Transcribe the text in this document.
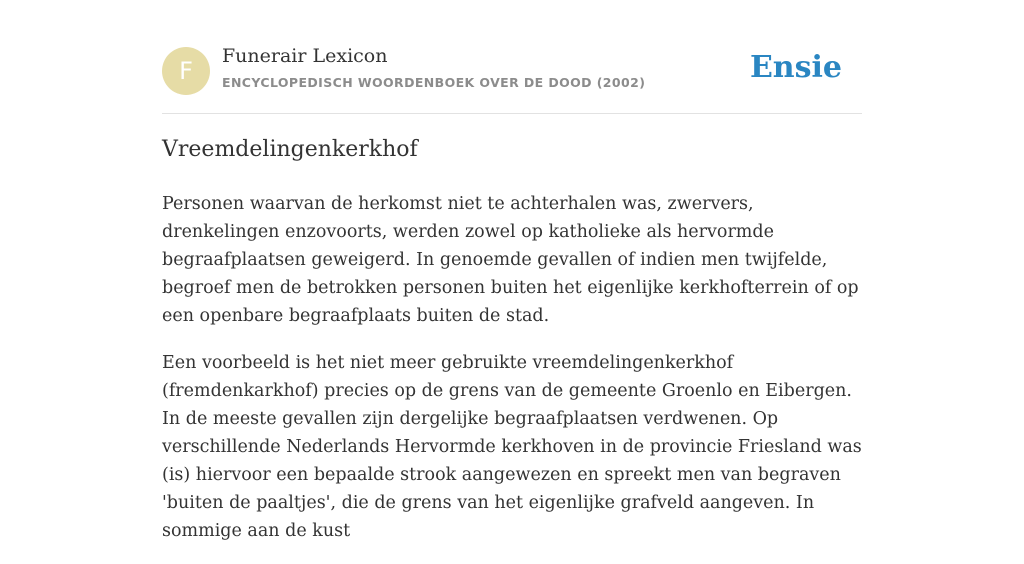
F
Funerair Lexicon
ENCYCLOPEDISCH WOORDENBOEK OVER DE DOOD (2002)	Ensie
Vreemdelingenkerkhof

Personen waarvan de herkomst niet te achterhalen was, zwervers, drenkelingen enzovoorts, werden zowel op katholieke als hervormde begraafplaatsen geweigerd. In genoemde gevallen of indien men twijfelde, begroef men de betrokken personen buiten het eigenlijke kerkhofterrein of op een openbare begraafplaats buiten de stad.

Een voorbeeld is het niet meer gebruikte vreemdelingenkerkhof (fremdenkarkhof) precies op de grens van de gemeente Groenlo en Eibergen. In de meeste gevallen zijn dergelijke begraafplaatsen verdwenen. Op verschillende Nederlands Hervormde kerkhoven in de provincie Friesland was (is) hiervoor een bepaalde strook aangewezen en spreekt men van begraven 'buiten de paaltjes', die de grens van het eigenlijke grafveld aangeven. In sommige aan de kust
